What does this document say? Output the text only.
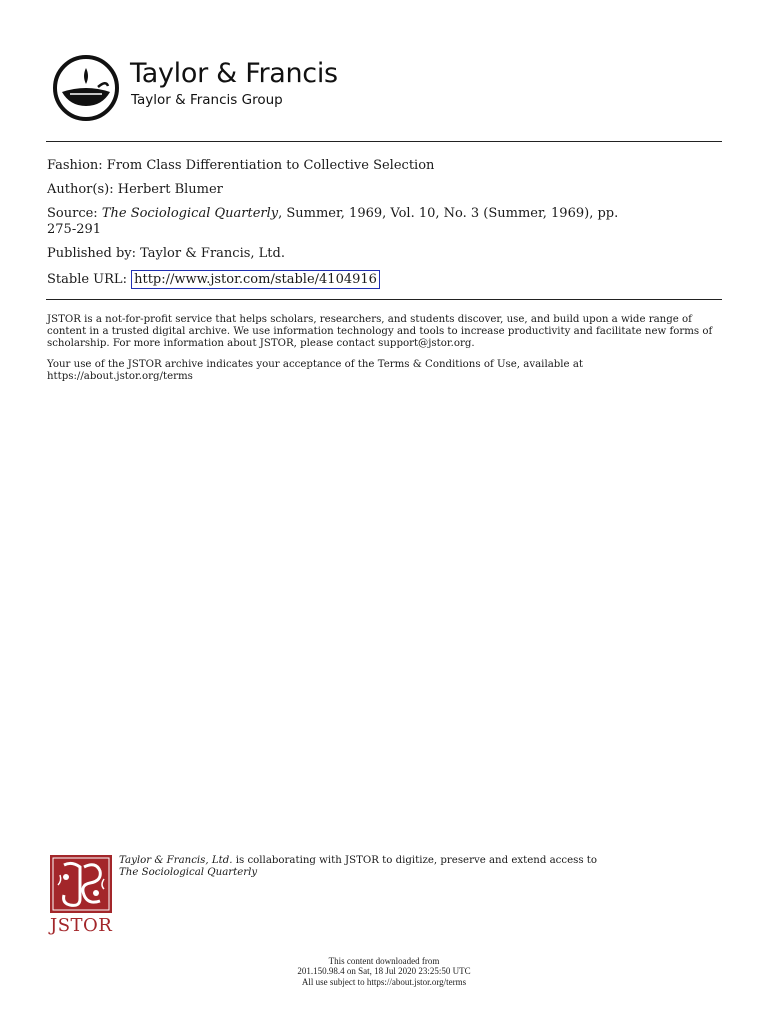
Taylor & Francis
Taylor & Francis Group
Fashion: From Class Differentiation to Collective Selection
Author(s): Herbert Blumer
Source: The Sociological Quarterly, Summer, 1969, Vol. 10, No. 3 (Summer, 1969), pp.
275-291
Published by: Taylor & Francis, Ltd.
Stable URL: http://www.jstor.com/stable/4104916

JSTOR is a not-for-profit service that helps scholars, researchers, and students discover, use, and build upon a wide range of content in a trusted digital archive. We use information technology and tools to increase productivity and facilitate new forms of scholarship. For more information about JSTOR, please contact support@jstor.org.

Your use of the JSTOR archive indicates your acceptance of the Terms & Conditions of Use, available at https://about.jstor.org/terms

JSTOR
Taylor & Francis, Ltd. is collaborating with JSTOR to digitize, preserve and extend access to
The Sociological Quarterly
This content downloaded from
201.150.98.4 on Sat, 18 Jul 2020 23:25:50 UTC
All use subject to https://about.jstor.org/terms
